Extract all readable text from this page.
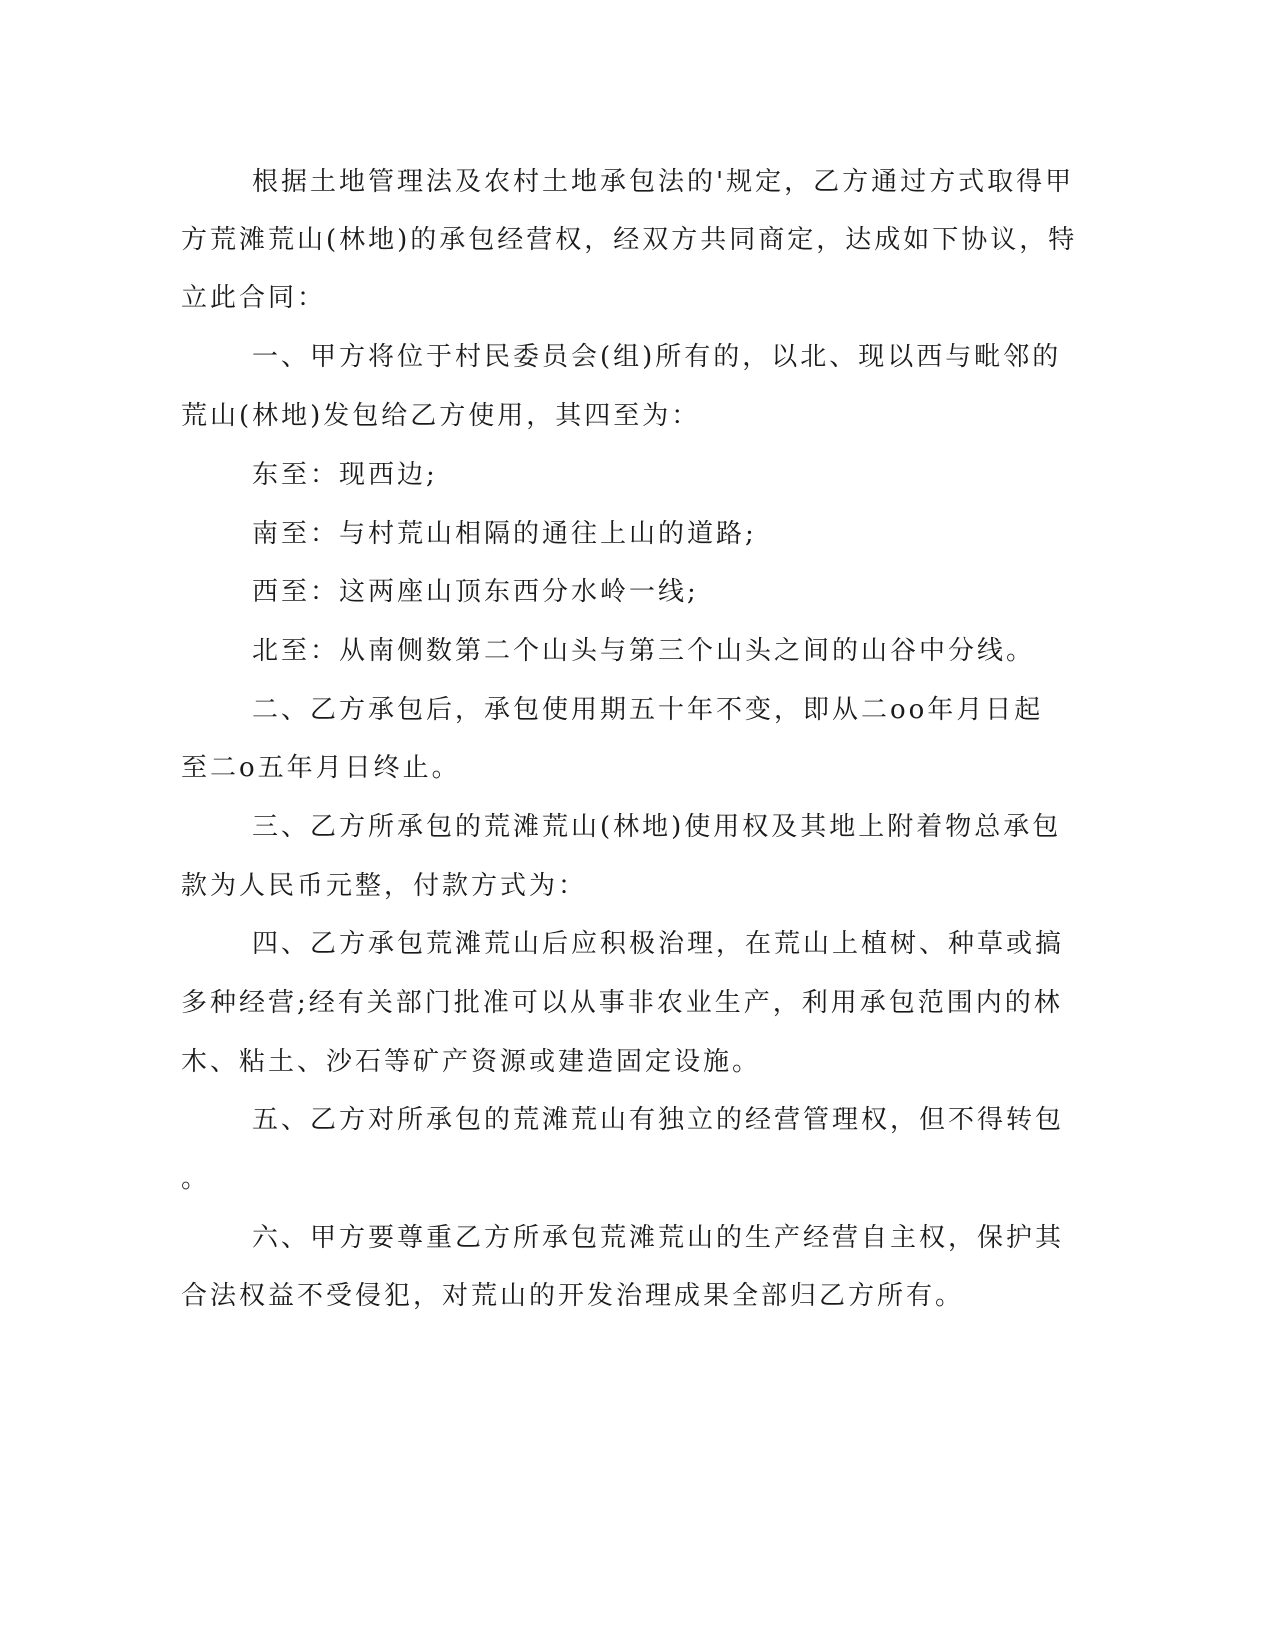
根据土地管理法及农村土地承包法的'规定，乙方通过方式取得甲
方荒滩荒山(林地)的承包经营权，经双方共同商定，达成如下协议，特
立此合同：
一、甲方将位于村民委员会(组)所有的，以北、现以西与毗邻的
荒山(林地)发包给乙方使用，其四至为：
东至：现西边;
南至：与村荒山相隔的通往上山的道路;
西至：这两座山顶东西分水岭一线;
北至：从南侧数第二个山头与第三个山头之间的山谷中分线。
二、乙方承包后，承包使用期五十年不变，即从二oo年月日起
至二o五年月日终止。
三、乙方所承包的荒滩荒山(林地)使用权及其地上附着物总承包
款为人民币元整，付款方式为：
四、乙方承包荒滩荒山后应积极治理，在荒山上植树、种草或搞
多种经营;经有关部门批准可以从事非农业生产，利用承包范围内的林
木、粘土、沙石等矿产资源或建造固定设施。
五、乙方对所承包的荒滩荒山有独立的经营管理权，但不得转包
。
六、甲方要尊重乙方所承包荒滩荒山的生产经营自主权，保护其
合法权益不受侵犯，对荒山的开发治理成果全部归乙方所有。
